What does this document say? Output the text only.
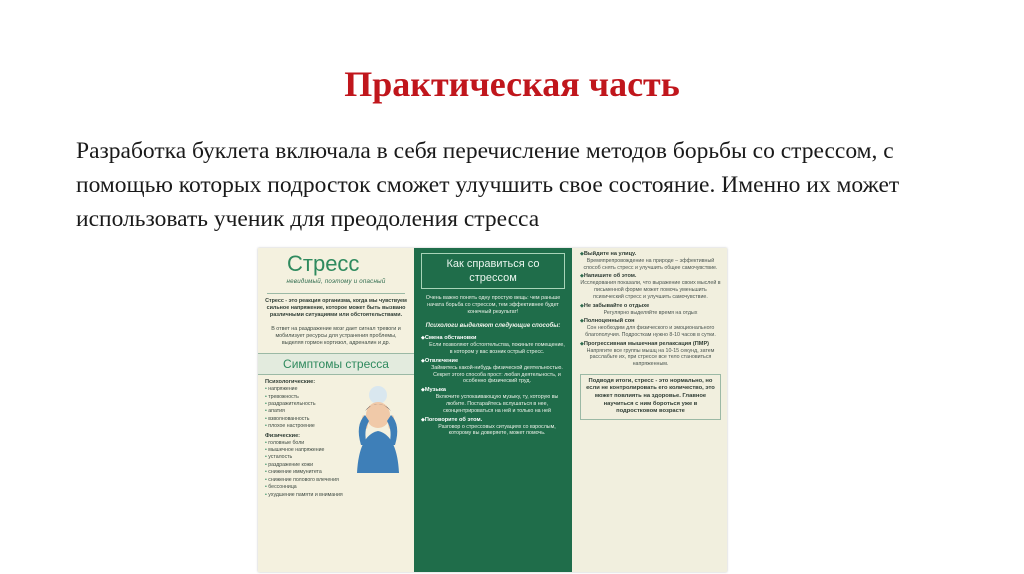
Практическая часть
Разработка буклета включала в себя перечисление методов борьбы со стрессом, с помощью которых подросток сможет улучшить свое состояние. Именно их может использовать ученик для преодоления стресса
Стресс
невидимый, поэтому и опасный

Стресс - это реакция организма, когда мы чувствуем сильное напряжение, которое может быть вызвано различными ситуациями или обстоятельствами.

В ответ на раздражение мозг дает сигнал тревоги и мобилизует ресурсы для устранения проблемы, выделяя гормон кортизол, адреналин и др.

Симптомы стресса
Психологические:
• напряжение
• тревожность
• раздражительность
• апатия
• взволнованность
• плохое настроение
Физические:
• головные боли
• мышечное напряжение
• усталость
• раздражение кожи
• снижение иммунитета
• снижение полового влечения
• бессонница
• ухудшение памяти и внимания
Как справиться со стрессом

Очень важно понять одну простую вещь: чем раньше начата борьба со стрессом, тем эффективнее будет конечный результат!

Психологи выделяют следующие способы:

◆ Смена обстановки
Если позволяют обстоятельства, покиньте помещение, в котором у вас возник острый стресс.
◆ Отвлечение
Займитесь какой-нибудь физической деятельностью. Секрет этого способа прост: любая деятельность, и особенно физический труд.
◆ Музыка
Включите успокаивающую музыку, ту, которую вы любите. Постарайтесь вслушаться в нее, сконцентрироваться на ней и только на ней
◆ Поговорите об этом.
Разговор о стрессовых ситуациях со взрослым, которому вы доверяете, может помочь.
◆ Выйдите на улицу.
Времяпрепровождение на природе – эффективный способ снять стресс и улучшить общее самочувствие.
◆ Напишите об этом.
Исследования показали, что выражение своих мыслей в письменной форме может помочь уменьшить психический стресс и улучшить самочувствие.
◆ Не забывайте о отдыхе
Регулярно выделяйте время на отдых
◆ Полноценный сон
Сон необходим для физического и эмоционального благополучия. Подросткам нужно 8-10 часов в сутки.
◆ Прогрессивная мышечная релаксация (ПМР)
Напрягите все группы мышц на 10-15 секунд, затем расслабьте их, при стрессе все тело становиться напряженным.
Подводя итоги, стресс - это нормально, но если не контролировать его количество, это может повлиять на здоровье. Главное научиться с ним бороться уже в подростковом возрасте
